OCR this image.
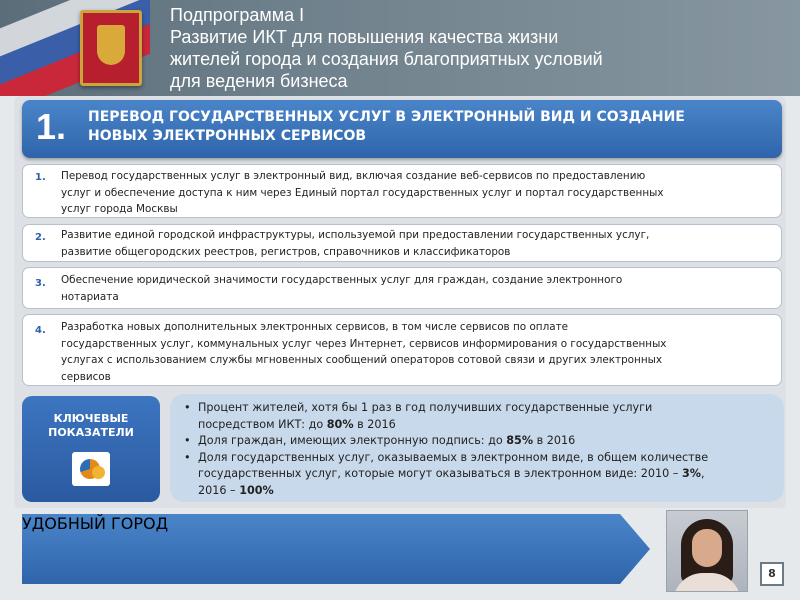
Подпрограмма I
Развитие ИКТ для повышения качества жизни
жителей города и создания благоприятных условий
для ведения бизнеса
1. ПЕРЕВОД ГОСУДАРСТВЕННЫХ УСЛУГ В ЭЛЕКТРОННЫЙ ВИД И СОЗДАНИЕ
НОВЫХ ЭЛЕКТРОННЫХ СЕРВИСОВ
1. Перевод государственных услуг в электронный вид, включая создание веб-сервисов по предоставлению
услуг и обеспечение доступа к ним через Единый портал государственных услуг и портал государственных
услуг города Москвы
2. Развитие единой городской инфраструктуры, используемой при предоставлении государственных услуг,
развитие общегородских реестров, регистров, справочников и классификаторов
3. Обеспечение юридической значимости государственных услуг для граждан, создание электронного
нотариата
4. Разработка новых дополнительных электронных сервисов, в том числе сервисов по оплате
государственных услуг, коммунальных услуг через Интернет, сервисов информирования о государственных
услугах с использованием службы мгновенных сообщений операторов сотовой связи и других электронных
сервисов
КЛЮЧЕВЫЕ
ПОКАЗАТЕЛИ
• Процент жителей, хотя бы 1 раз в год получивших государственные услуги
посредством ИКТ: до 80% в 2016
• Доля граждан, имеющих электронную подпись: до 85% в 2016
• Доля государственных услуг, оказываемых в электронном виде, в общем количестве
государственных услуг, которые могут оказываться в электронном виде: 2010 – 3%,
2016 – 100%
УДОБНЫЙ ГОРОД
8
